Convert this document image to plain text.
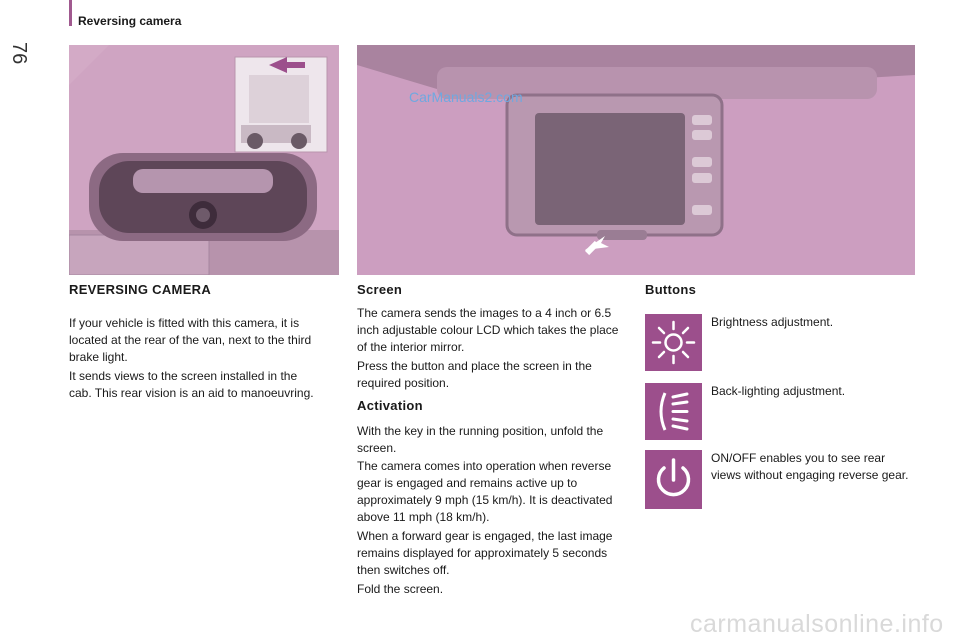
76
Reversing camera
CarManuals2.com
REVERSING CAMERA

If your vehicle is fitted with this camera, it is located at the rear of the van, next to the third brake light.

It sends views to the screen installed in the cab. This rear vision is an aid to manoeuvring.

Screen

The camera sends the images to a 4 inch or 6.5 inch adjustable colour LCD which takes the place of the interior mirror.

Press the button and place the screen in the required position.

Activation

With the key in the running position, unfold the screen.

The camera comes into operation when reverse gear is engaged and remains active up to approximately 9 mph (15 km/h). It is deactivated above 11 mph (18 km/h).

When a forward gear is engaged, the last image remains displayed for approximately 5 seconds then switches off.

Fold the screen.

Buttons
Brightness adjustment.
Back-lighting adjustment.
ON/OFF enables you to see rear views without engaging reverse gear.
carmanualsonline.info
